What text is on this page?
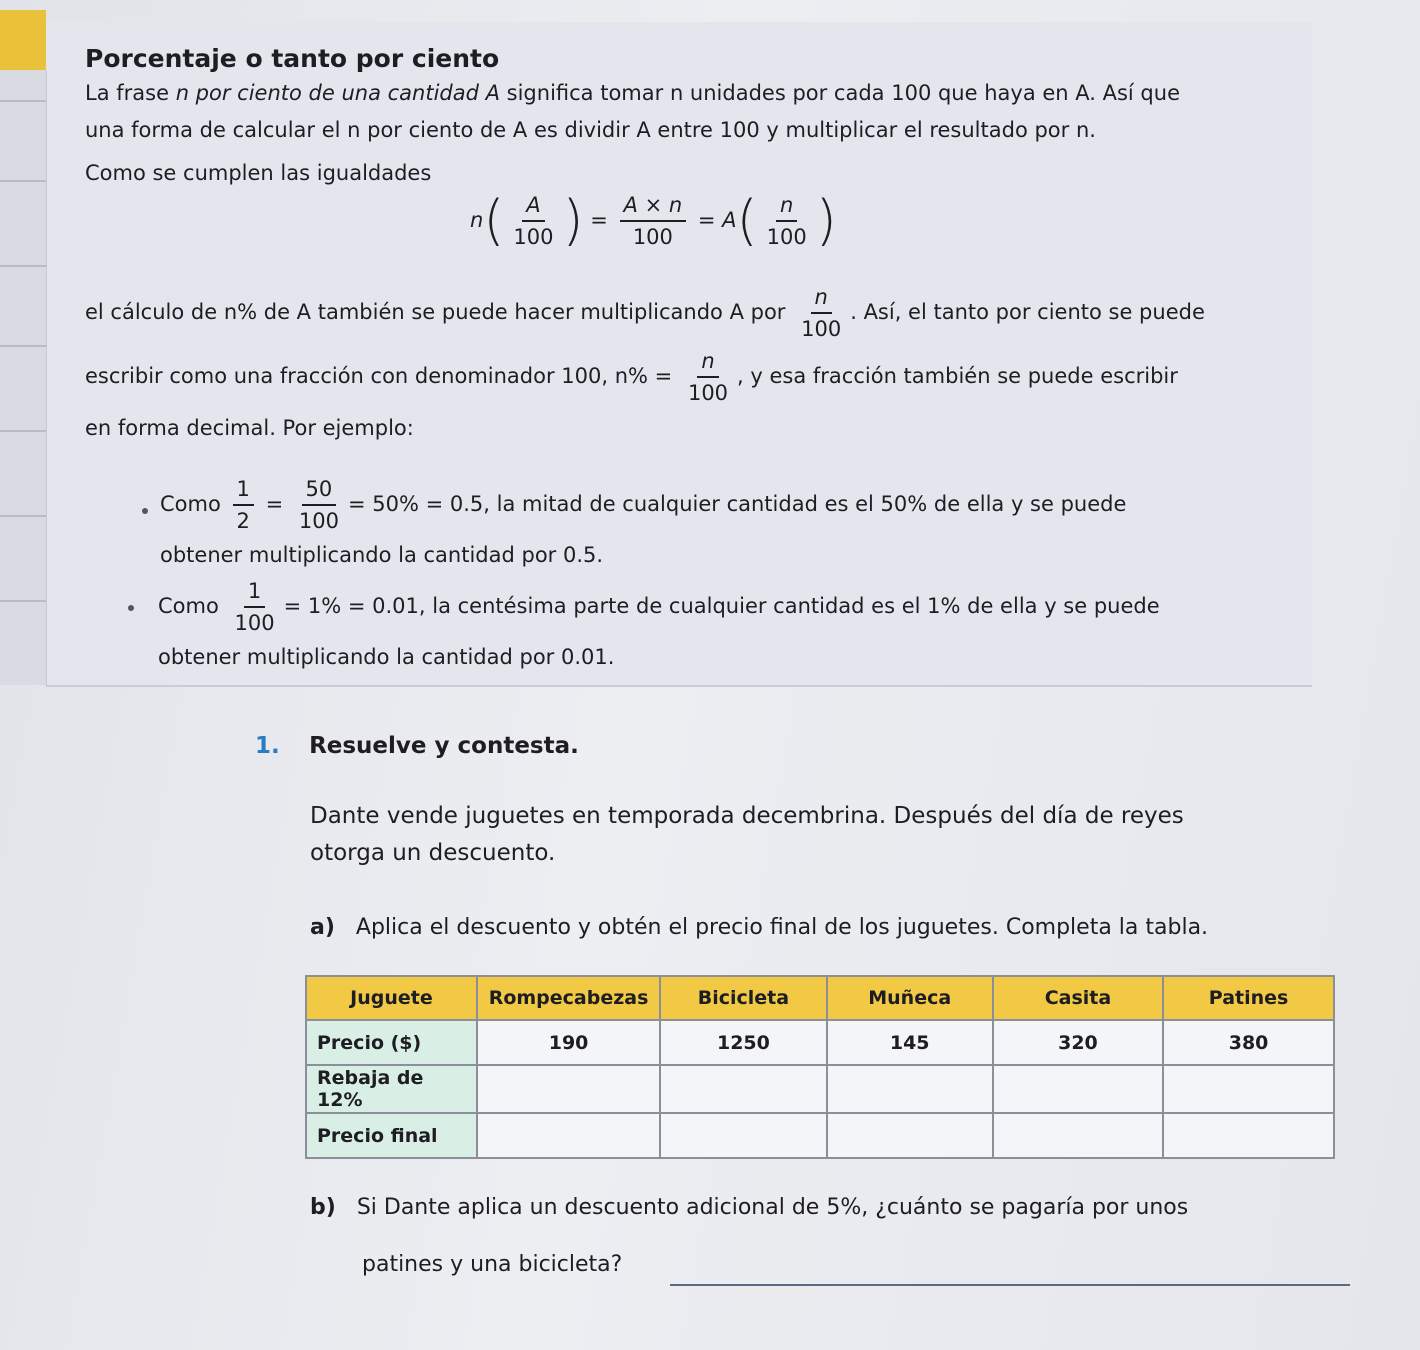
Porcentaje o tanto por ciento
La frase n por ciento de una cantidad A significa tomar n unidades por cada 100 que haya en A. Así que
una forma de calcular el n por ciento de A es dividir A entre 100 y multiplicar el resultado por n.
Como se cumplen las igualdades
$n( \frac{A}{100}$ ) = $\frac{A \times n}{100} = A( \frac{n}{100}$ )
el cálculo de n% de A también se puede hacer multiplicando A por $\frac{n}{100}$ . Así, el tanto por ciento se puede
escribir como una fracción con denominador 100, $n\% = \frac{n}{100}$ , y esa fracción también se puede escribir
en forma decimal. Por ejemplo:
Como $\frac{1}{2} = \frac{50}{100} = 50\% = 0.5$, la mitad de cualquier cantidad es el 50% de ella y se puede
obtener multiplicando la cantidad por 0.5.
Como $\frac{1}{100} = 1\% = 0.01$, la centésima parte de cualquier cantidad es el 1% de ella y se puede
obtener multiplicando la cantidad por 0.01.
1. Resuelve y contesta.
Dante vende juguetes en temporada decembrina. Después del día de reyes
otorga un descuento.
a) Aplica el descuento y obtén el precio final de los juguetes. Completa la tabla.
Juguete	Rompecabezas	Bicicleta	Muñeca	Casita	Patines
Precio ($)	190	1250	145	320	380
Rebaja de 12%					
Precio final					
b) Si Dante aplica un descuento adicional de 5%, ¿cuánto se pagaría por unos
patines y una bicicleta?
